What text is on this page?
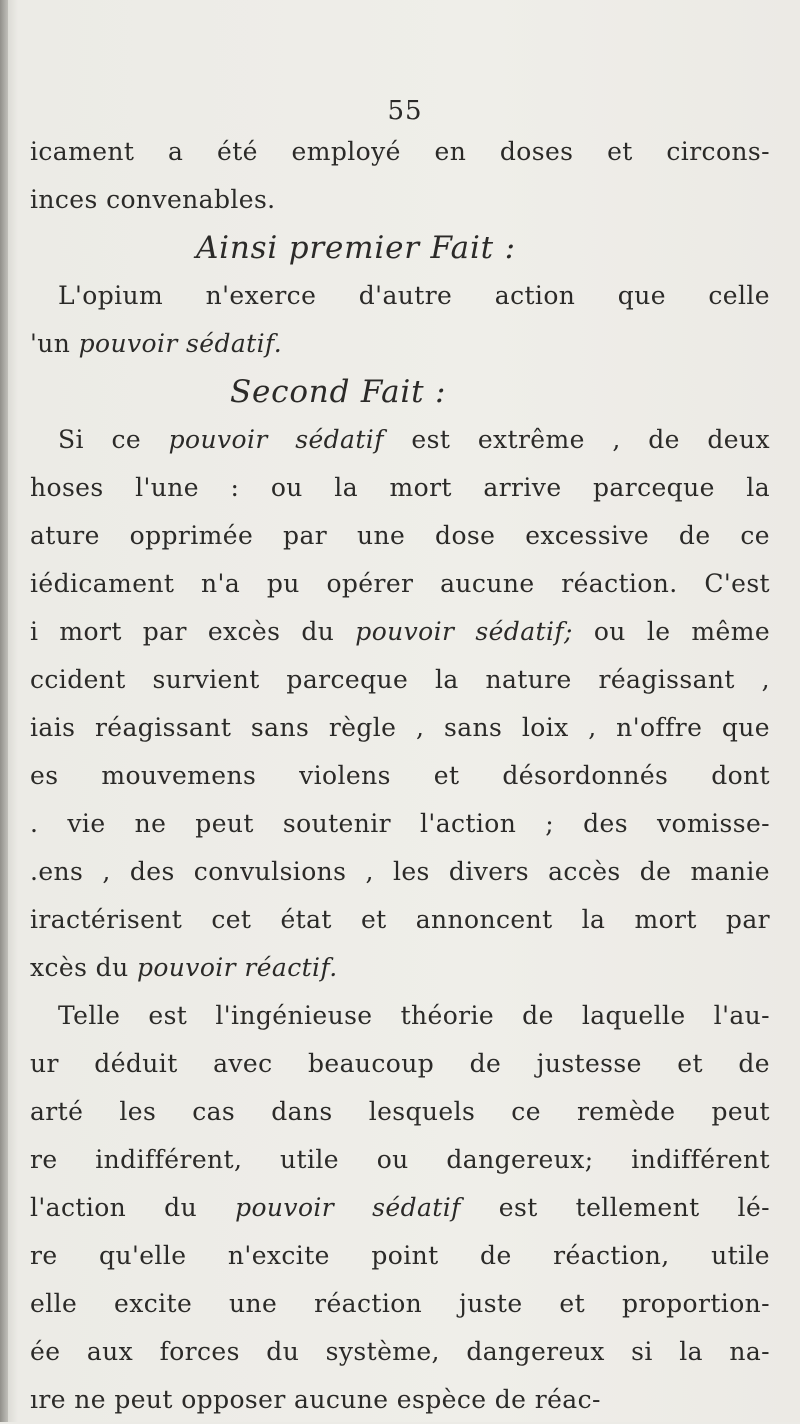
55
icament a été employé en doses et circons-
inces convenables.
Ainsi premier Fait :
L'opium n'exerce d'autre action que celle
'un pouvoir sédatif.
Second Fait :
Si ce pouvoir sédatif est extrême , de deux
hoses l'une : ou la mort arrive parceque la
ature opprimée par une dose excessive de ce
iédicament n'a pu opérer aucune réaction. C'est
i mort par excès du pouvoir sédatif; ou le même
ccident survient parceque la nature réagissant ,
iais réagissant sans règle , sans loix , n'offre que
es mouvemens violens et désordonnés dont
. vie ne peut soutenir l'action ; des vomisse-
.ens , des convulsions , les divers accès de manie
iractérisent cet état et annoncent la mort par
xcès du pouvoir réactif.
Telle est l'ingénieuse théorie de laquelle l'au-
ur déduit avec beaucoup de justesse et de
arté les cas dans lesquels ce remède peut
re indifférent, utile ou dangereux; indifférent
l'action du pouvoir sédatif est tellement lé-
re qu'elle n'excite point de réaction, utile
elle excite une réaction juste et proportion-
ée aux forces du système, dangereux si la na-
ıre ne peut opposer aucune espèce de réac-
